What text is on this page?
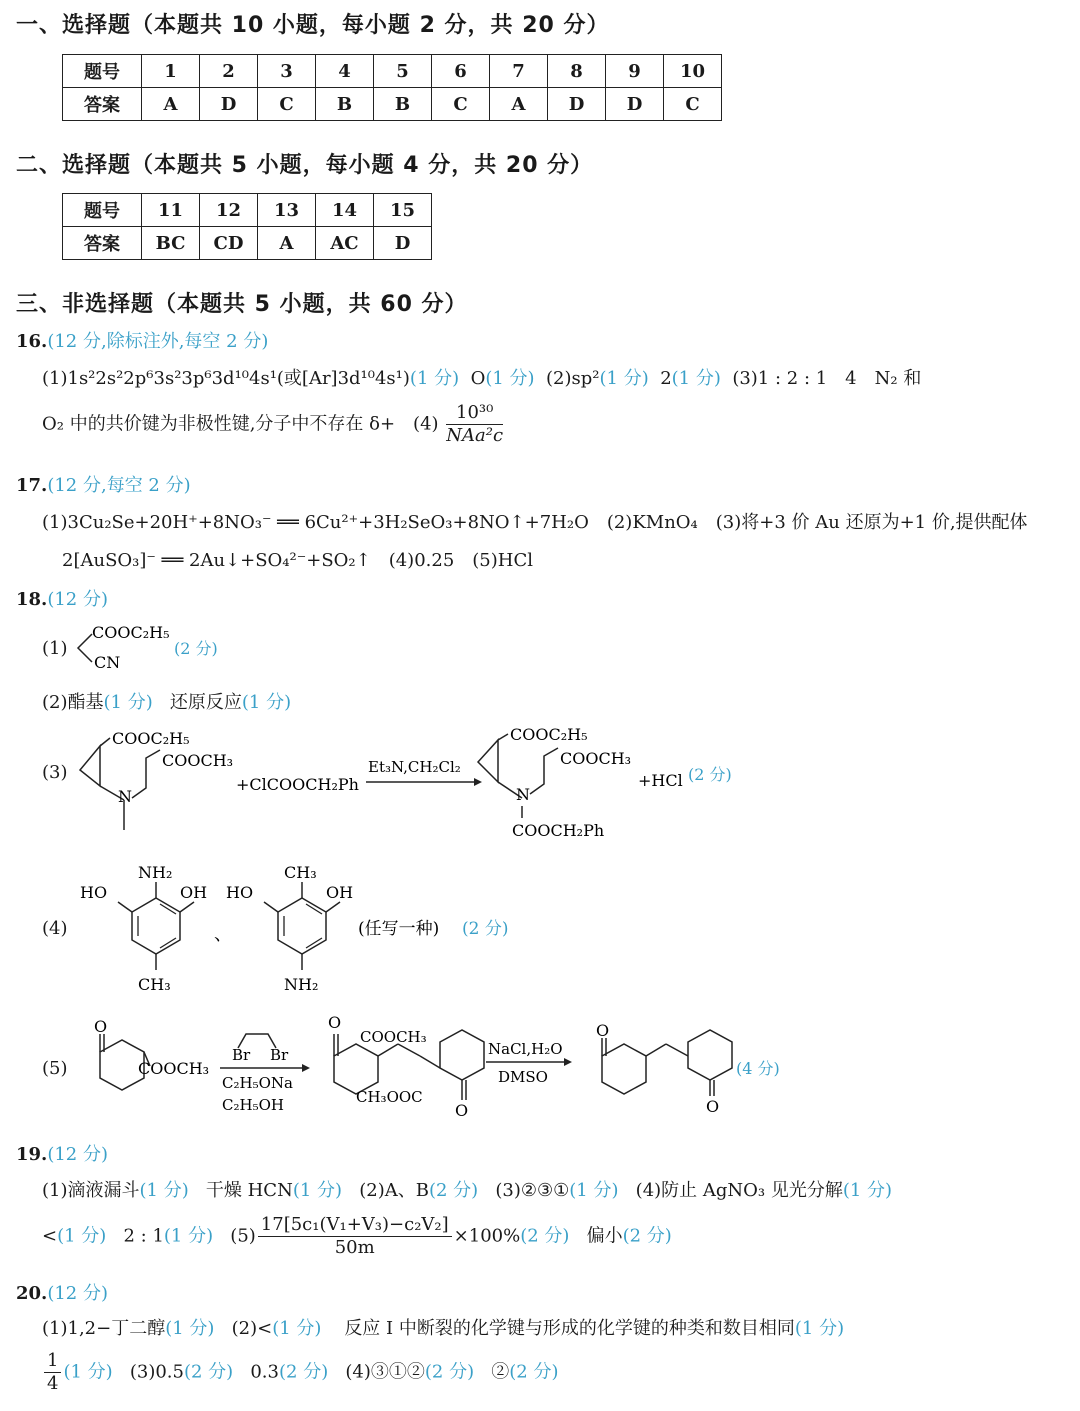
一、选择题（本题共 10 小题，每小题 2 分，共 20 分）
题号	1	2	3	4	5	6	7	8	9	10
答案	A	D	C	B	B	C	A	D	D	C
二、选择题（本题共 5 小题，每小题 4 分，共 20 分）
题号	11	12	13	14	15
答案	BC	CD	A	AC	D
三、非选择题（本题共 5 小题，共 60 分）
16.(12 分,除标注外,每空 2 分)
(1)1s²2s²2p⁶3s²3p⁶3d¹⁰4s¹(或[Ar]3d¹⁰4s¹)(1 分) O(1 分) (2)sp²(1 分) 2(1 分) (3)1 : 2 : 1　4　N₂ 和
O₂ 中的共价键为非极性键,分子中不存在 δ+　$(4) \frac{\text{10³⁰}}{\text{NAa²c}}$
17.(12 分,每空 2 分)
(1)3Cu₂Se+20H⁺+8NO₃⁻ ══ 6Cu²⁺+3H₂SeO₃+8NO↑+7H₂O　(2)KMnO₄　(3)将+3 价 Au 还原为+1 价,提供配体
2[AuSO₃]⁻ ══ 2Au↓+SO₄²⁻+SO₂↑　(4)0.25　(5)HCl
18.(12 分)
(1)
COOC₂H₅
CN
(2 分)
(2)酯基(1 分) 还原反应(1 分)
(3)
COOC₂H₅
COOCH₃
N
+ClCOOCH₂Ph
Et₃N,CH₂Cl₂
COOC₂H₅
COOCH₃
N
COOCH₂Ph
+HCl (2 分)
(4)
HO
NH₂
OH
CH₃
、
HO
CH₃
OH
NH₂
(任写一种) (2 分)
(5)
O
COOCH₃
Br Br
C₂H₅ONa
C₂H₅OH
O
COOCH₃
CH₃OOC
O
NaCl,H₂O
DMSO
O
O
(4 分)
19.(12 分)
(1)滴液漏斗(1 分) 干燥 HCN(1 分) (2)A、B(2 分) (3)②③①(1 分) (4)防止 AgNO₃ 见光分解(1 分)
<(1 分) 2 : 1(1 分) $(5) \frac{\text{17[5c₁(V₁+V₃)−c₂V₂]}}{50m} \times 100\%(2$ 分) 偏小(2 分)
20.(12 分)
(1)1,2−丁二醇(1 分) (2)<(1 分) 反应 Ⅰ 中断裂的化学键与形成的化学键的种类和数目相同(1 分)
$\frac{1}{4} (1$ 分) (3)0.5(2 分) 0.3(2 分) (4)③①②(2 分) ②(2 分)
